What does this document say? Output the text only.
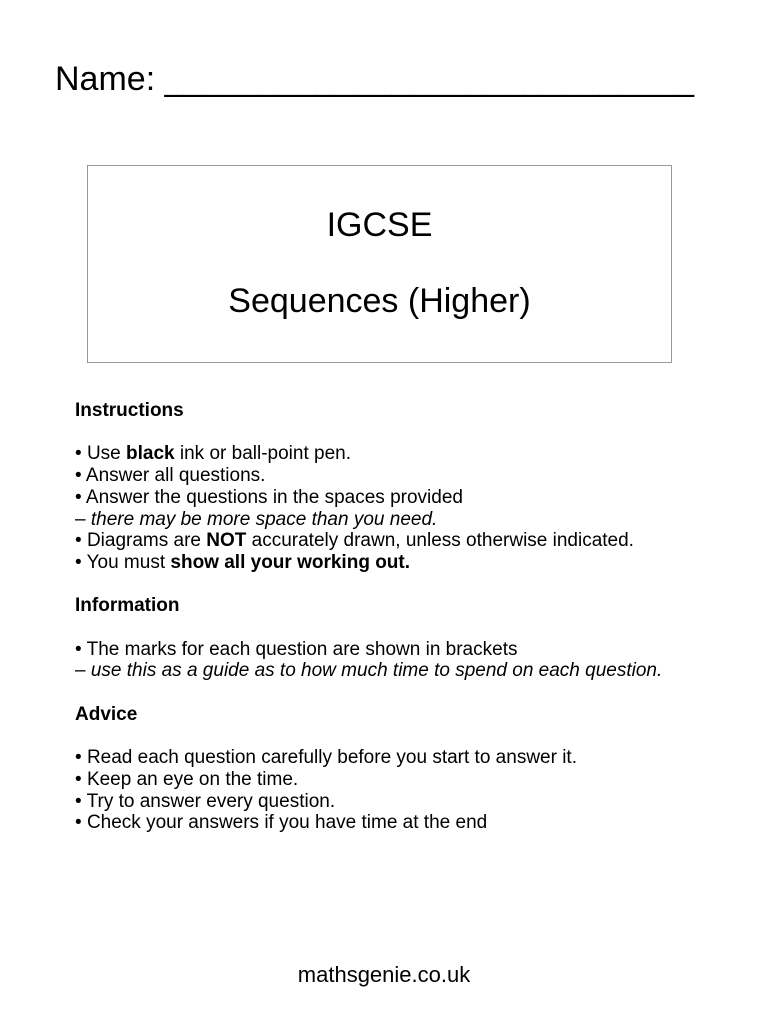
Name: ____________________________
IGCSE
Sequences (Higher)
Instructions
• Use black ink or ball-point pen.
• Answer all questions.
• Answer the questions in the spaces provided
– there may be more space than you need.
• Diagrams are NOT accurately drawn, unless otherwise indicated.
• You must show all your working out.
Information
• The marks for each question are shown in brackets
– use this as a guide as to how much time to spend on each question.
Advice
• Read each question carefully before you start to answer it.
• Keep an eye on the time.
• Try to answer every question.
• Check your answers if you have time at the end
mathsgenie.co.uk
